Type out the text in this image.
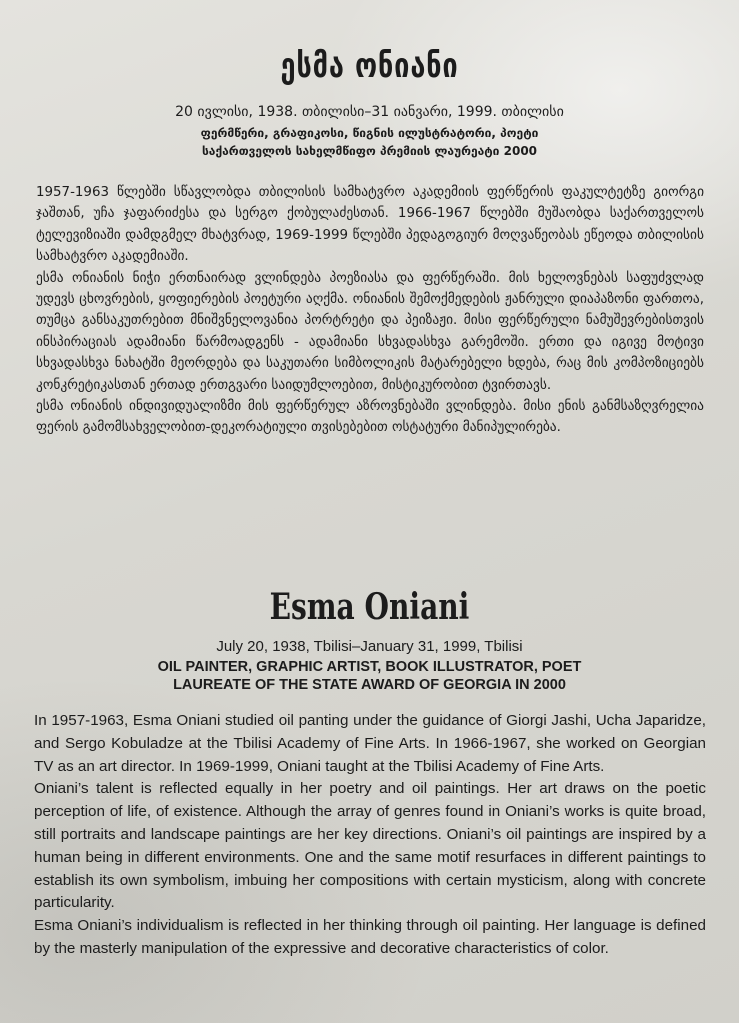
ესმა ონიანი
20 ივლისი, 1938. თბილისი–31 იანვარი, 1999. თბილისი
ფერმწერი, გრაფიკოსი, წიგნის ილუსტრატორი, პოეტი
საქართველოს სახელმწიფო პრემიის ლაურეატი 2000

1957-1963 წლებში სწავლობდა თბილისის სამხატვრო აკადემიის ფერწერის ფაკულტეტზე გიორგი ჯაშთან, უჩა ჯაფარიძესა და სერგო ქობულაძესთან. 1966-1967 წლებში მუშაობდა საქართველოს ტელევიზიაში დამდგმელ მხატვრად, 1969-1999 წლებში პედაგოგიურ მოღვაწეობას ეწეოდა თბილისის სამხატვრო აკადემიაში.

ესმა ონიანის ნიჭი ერთნაირად ვლინდება პოეზიასა და ფერწერაში. მის ხელოვნებას საფუძვლად უდევს ცხოვრების, ყოფიერების პოეტური აღქმა. ონიანის შემოქმედების ჟანრული დიაპაზონი ფართოა, თუმცა განსაკუთრებით მნიშვნელოვანია პორტრეტი და პეიზაჟი. მისი ფერწერული ნამუშევრებისთვის ინსპირაციას ადამიანი წარმოადგენს - ადამიანი სხვადასხვა გარემოში. ერთი და იგივე მოტივი სხვადასხვა ნახატში მეორდება და საკუთარი სიმბოლიკის მატარებელი ხდება, რაც მის კომპოზიციებს კონკრეტიკასთან ერთად ერთგვარი საიდუმლოებით, მისტიკურობით ტვირთავს.

ესმა ონიანის ინდივიდუალიზმი მის ფერწერულ აზროვნებაში ვლინდება. მისი ენის განმსაზღვრელია ფერის გამომსახველობით-დეკორატიული თვისებებით ოსტატური მანიპულირება.

Esma Oniani
July 20, 1938, Tbilisi–January 31, 1999, Tbilisi
OIL PAINTER, GRAPHIC ARTIST, BOOK ILLUSTRATOR, POET
LAUREATE OF THE STATE AWARD OF GEORGIA IN 2000

In 1957-1963, Esma Oniani studied oil panting under the guidance of Giorgi Jashi, Ucha Japaridze, and Sergo Kobuladze at the Tbilisi Academy of Fine Arts. In 1966-1967, she worked on Georgian TV as an art director. In 1969-1999, Oniani taught at the Tbilisi Academy of Fine Arts.

Oniani’s talent is reflected equally in her poetry and oil paintings. Her art draws on the poetic perception of life, of existence. Although the array of genres found in Oniani’s works is quite broad, still portraits and landscape paintings are her key directions. Oniani’s oil paintings are inspired by a human being in different environments. One and the same motif resurfaces in different paintings to establish its own symbolism, imbuing her compositions with certain mysticism, along with concrete particularity.

Esma Oniani’s individualism is reflected in her thinking through oil painting. Her language is defined by the masterly manipulation of the expressive and decorative characteristics of color.
